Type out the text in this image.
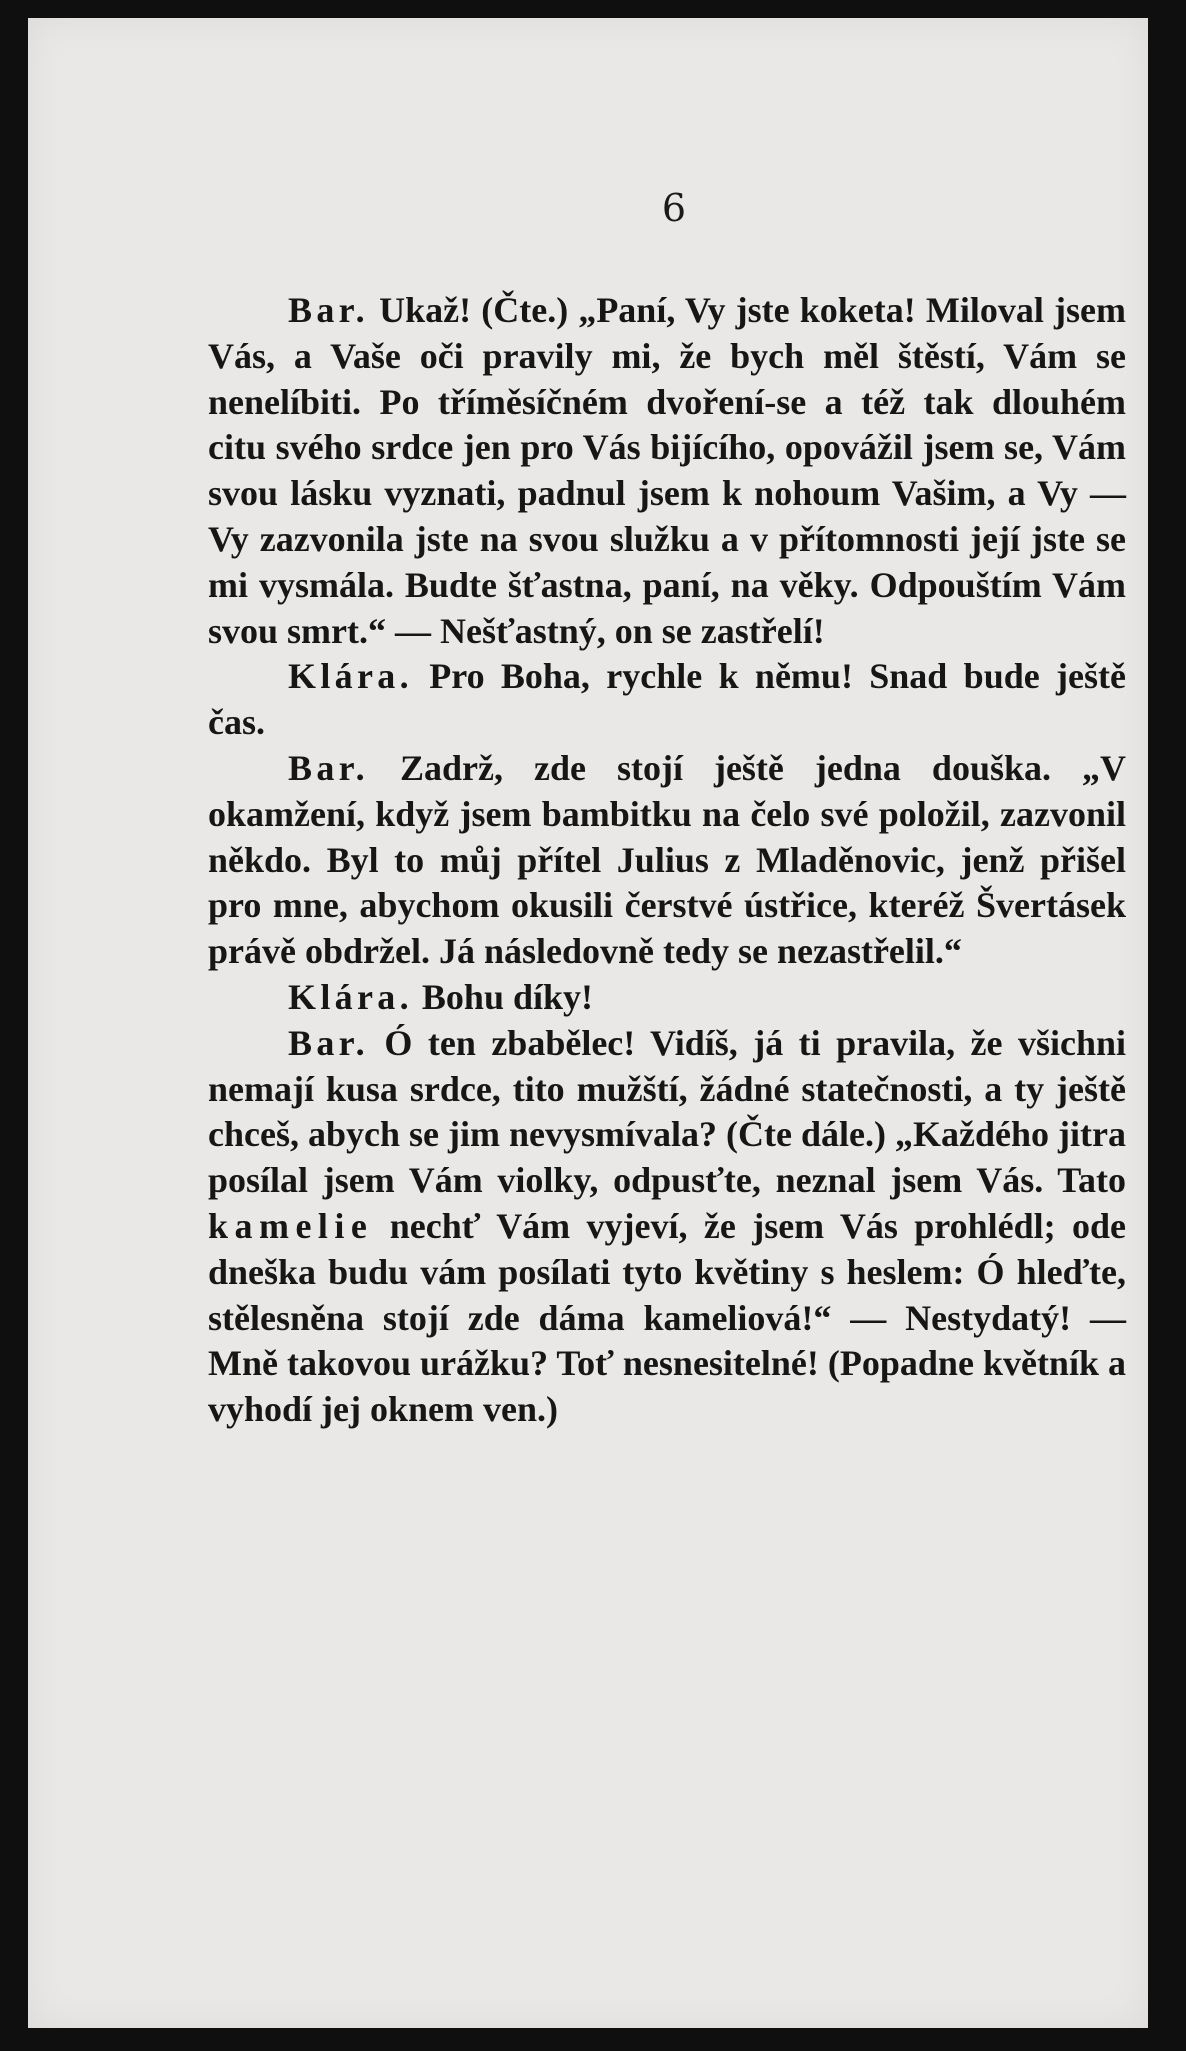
6

Bar. Ukaž! (Čte.) „Paní, Vy jste koketa! Miloval jsem Vás, a Vaše oči pravily mi, že bych měl štěstí, Vám se nenelíbiti. Po tříměsíčném dvoření-se a též tak dlouhém citu svého srdce jen pro Vás bijícího, opovážil jsem se, Vám svou lásku vyznati, padnul jsem k nohoum Vašim, a Vy — Vy zazvonila jste na svou služku a v přítomnosti její jste se mi vysmála. Budte šťastna, paní, na věky. Odpouštím Vám svou smrt.“ — Nešťastný, on se zastřelí!

Klára. Pro Boha, rychle k němu! Snad bude ještě čas.

Bar. Zadrž, zde stojí ještě jedna douška. „V okamžení, když jsem bambitku na čelo své položil, zazvonil někdo. Byl to můj přítel Julius z Mladěnovic, jenž přišel pro mne, abychom okusili čerstvé ústřice, kteréž Švertásek právě obdržel. Já následovně tedy se nezastřelil.“

Klára. Bohu díky!

Bar. Ó ten zbabělec! Vidíš, já ti pravila, že všichni nemají kusa srdce, tito mužští, žádné statečnosti, a ty ještě chceš, abych se jim nevysmívala? (Čte dále.) „Každého jitra posílal jsem Vám violky, odpusťte, neznal jsem Vás. Tato kamelie nechť Vám vyjeví, že jsem Vás prohlédl; ode dneška budu vám posílati tyto květiny s heslem: Ó hleďte, stělesněna stojí zde dáma kameliová!“ — Nestydatý! — Mně takovou urážku? Toť nesnesitelné! (Popadne květník a vyhodí jej oknem ven.)
